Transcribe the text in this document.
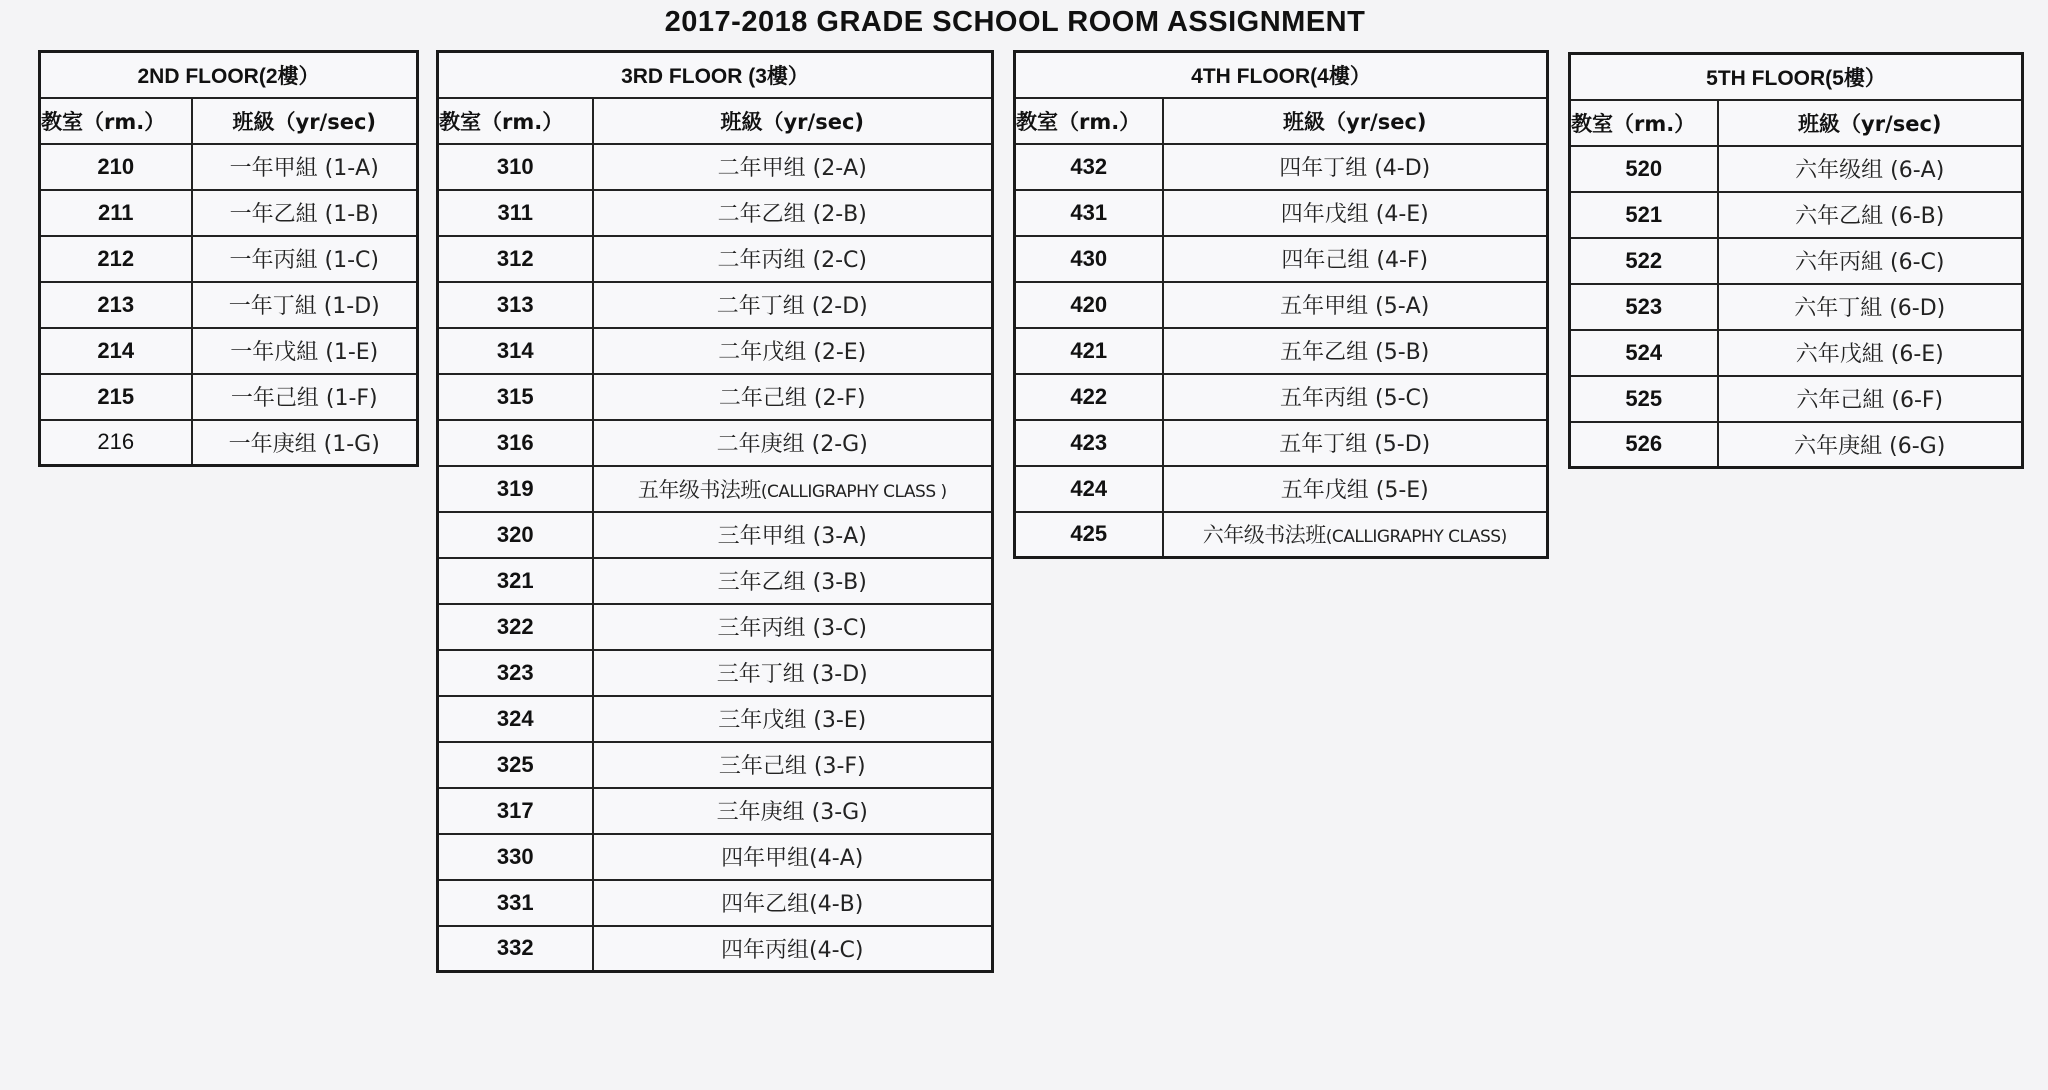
2017-2018 GRADE SCHOOL ROOM ASSIGNMENT
2ND FLOOR(2樓）	
教室（rm.）	班級（yr/sec)
210	一年甲組 (1-A)
211	一年乙組 (1-B)
212	一年丙組 (1-C)
213	一年丁組 (1-D)
214	一年戊組 (1-E)
215	一年己组 (1-F)
216	一年庚组 (1-G)
3RD FLOOR (3樓）	
教室（rm.）	班級（yr/sec)
310	二年甲组 (2-A)
311	二年乙组 (2-B)
312	二年丙组 (2-C)
313	二年丁组 (2-D)
314	二年戊组 (2-E)
315	二年己组 (2-F)
316	二年庚组 (2-G)
319	五年级书法班(CALLIGRAPHY CLASS )
320	三年甲组 (3-A)
321	三年乙组 (3-B)
322	三年丙组 (3-C)
323	三年丁组 (3-D)
324	三年戊组 (3-E)
325	三年己组 (3-F)
317	三年庚组 (3-G)
330	四年甲组(4-A)
331	四年乙组(4-B)
332	四年丙组(4-C)
4TH FLOOR(4樓）	
教室（rm.）	班級（yr/sec)
432	四年丁组 (4-D)
431	四年戊组 (4-E)
430	四年己组 (4-F)
420	五年甲组 (5-A)
421	五年乙组 (5-B)
422	五年丙组 (5-C)
423	五年丁组 (5-D)
424	五年戊组 (5-E)
425	六年级书法班(CALLIGRAPHY CLASS)
5TH FLOOR(5樓）	
教室（rm.）	班級（yr/sec)
520	六年级组 (6-A)
521	六年乙組 (6-B)
522	六年丙組 (6-C)
523	六年丁組 (6-D)
524	六年戊組 (6-E)
525	六年己組 (6-F)
526	六年庚組 (6-G)
